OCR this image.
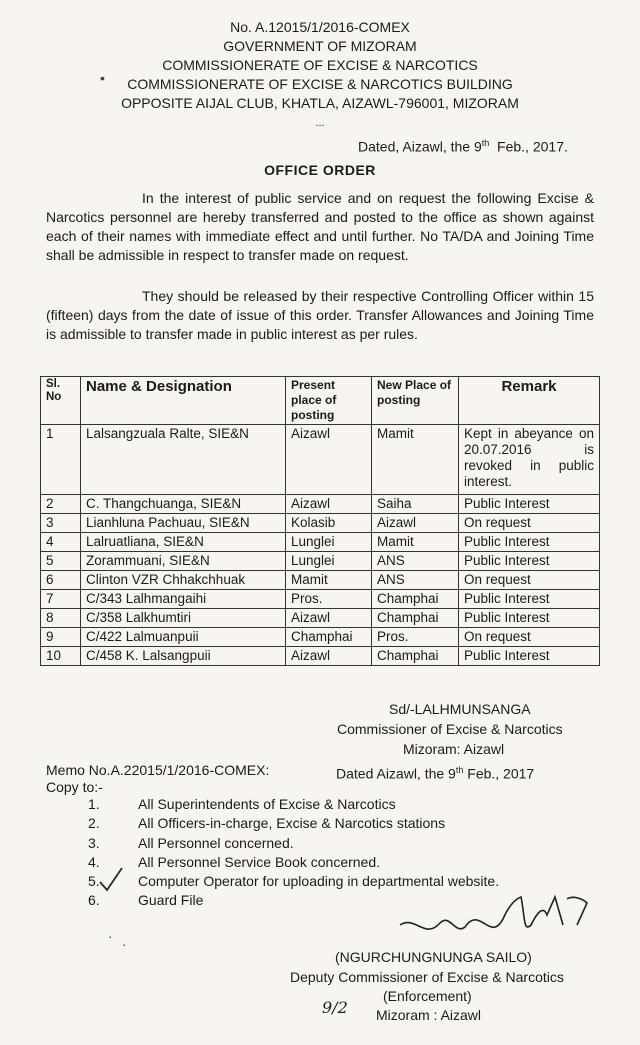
No. A.12015/1/2016-COMEX
GOVERNMENT OF MIZORAM
COMMISSIONERATE OF EXCISE & NARCOTICS
COMMISSIONERATE OF EXCISE & NARCOTICS BUILDING
OPPOSITE AIJAL CLUB, KHATLA, AIZAWL-796001, MIZORAM
...
•
Dated, Aizawl, the 9th Feb., 2017.
OFFICE ORDER

In the interest of public service and on request the following Excise & Narcotics personnel are hereby transferred and posted to the office as shown against each of their names with immediate effect and until further. No TA/DA and Joining Time shall be admissible in respect to transfer made on request.

They should be released by their respective Controlling Officer within 15 (fifteen) days from the date of issue of this order. Transfer Allowances and Joining Time is admissible to transfer made in public interest as per rules.

Sl. No	Name & Designation	Present place of posting	New Place of posting	Remark
1	Lalsangzuala Ralte, SIE&N	Aizawl	Mamit	Kept in abeyance on 20.07.2016 is revoked in public interest.
2	C. Thangchuanga, SIE&N	Aizawl	Saiha	Public Interest
3	Lianhluna Pachuau, SIE&N	Kolasib	Aizawl	On request
4	Lalruatliana, SIE&N	Lunglei	Mamit	Public Interest
5	Zorammuani, SIE&N	Lunglei	ANS	Public Interest
6	Clinton VZR Chhakchhuak	Mamit	ANS	On request
7	C/343 Lalhmangaihi	Pros.	Champhai	Public Interest
8	C/358 Lalkhumtiri	Aizawl	Champhai	Public Interest
9	C/422 Lalmuanpuii	Champhai	Pros.	On request
10	C/458 K. Lalsangpuii	Aizawl	Champhai	Public Interest
Sd/-LALHMUNSANGA
Commissioner of Excise & Narcotics
Mizoram: Aizawl
Memo No.A.22015/1/2016-COMEX:	Dated Aizawl, the 9th Feb., 2017
Copy to:-
1.	All Superintendents of Excise & Narcotics
2.	All Officers-in-charge, Excise & Narcotics stations
3.	All Personnel concerned.
4.	All Personnel Service Book concerned.
5.	Computer Operator for uploading in departmental website.
6.	Guard File
· ·
(NGURCHUNGNUNGA SAILO)
Deputy Commissioner of Excise & Narcotics
(Enforcement)
Mizoram : Aizawl
9/2
